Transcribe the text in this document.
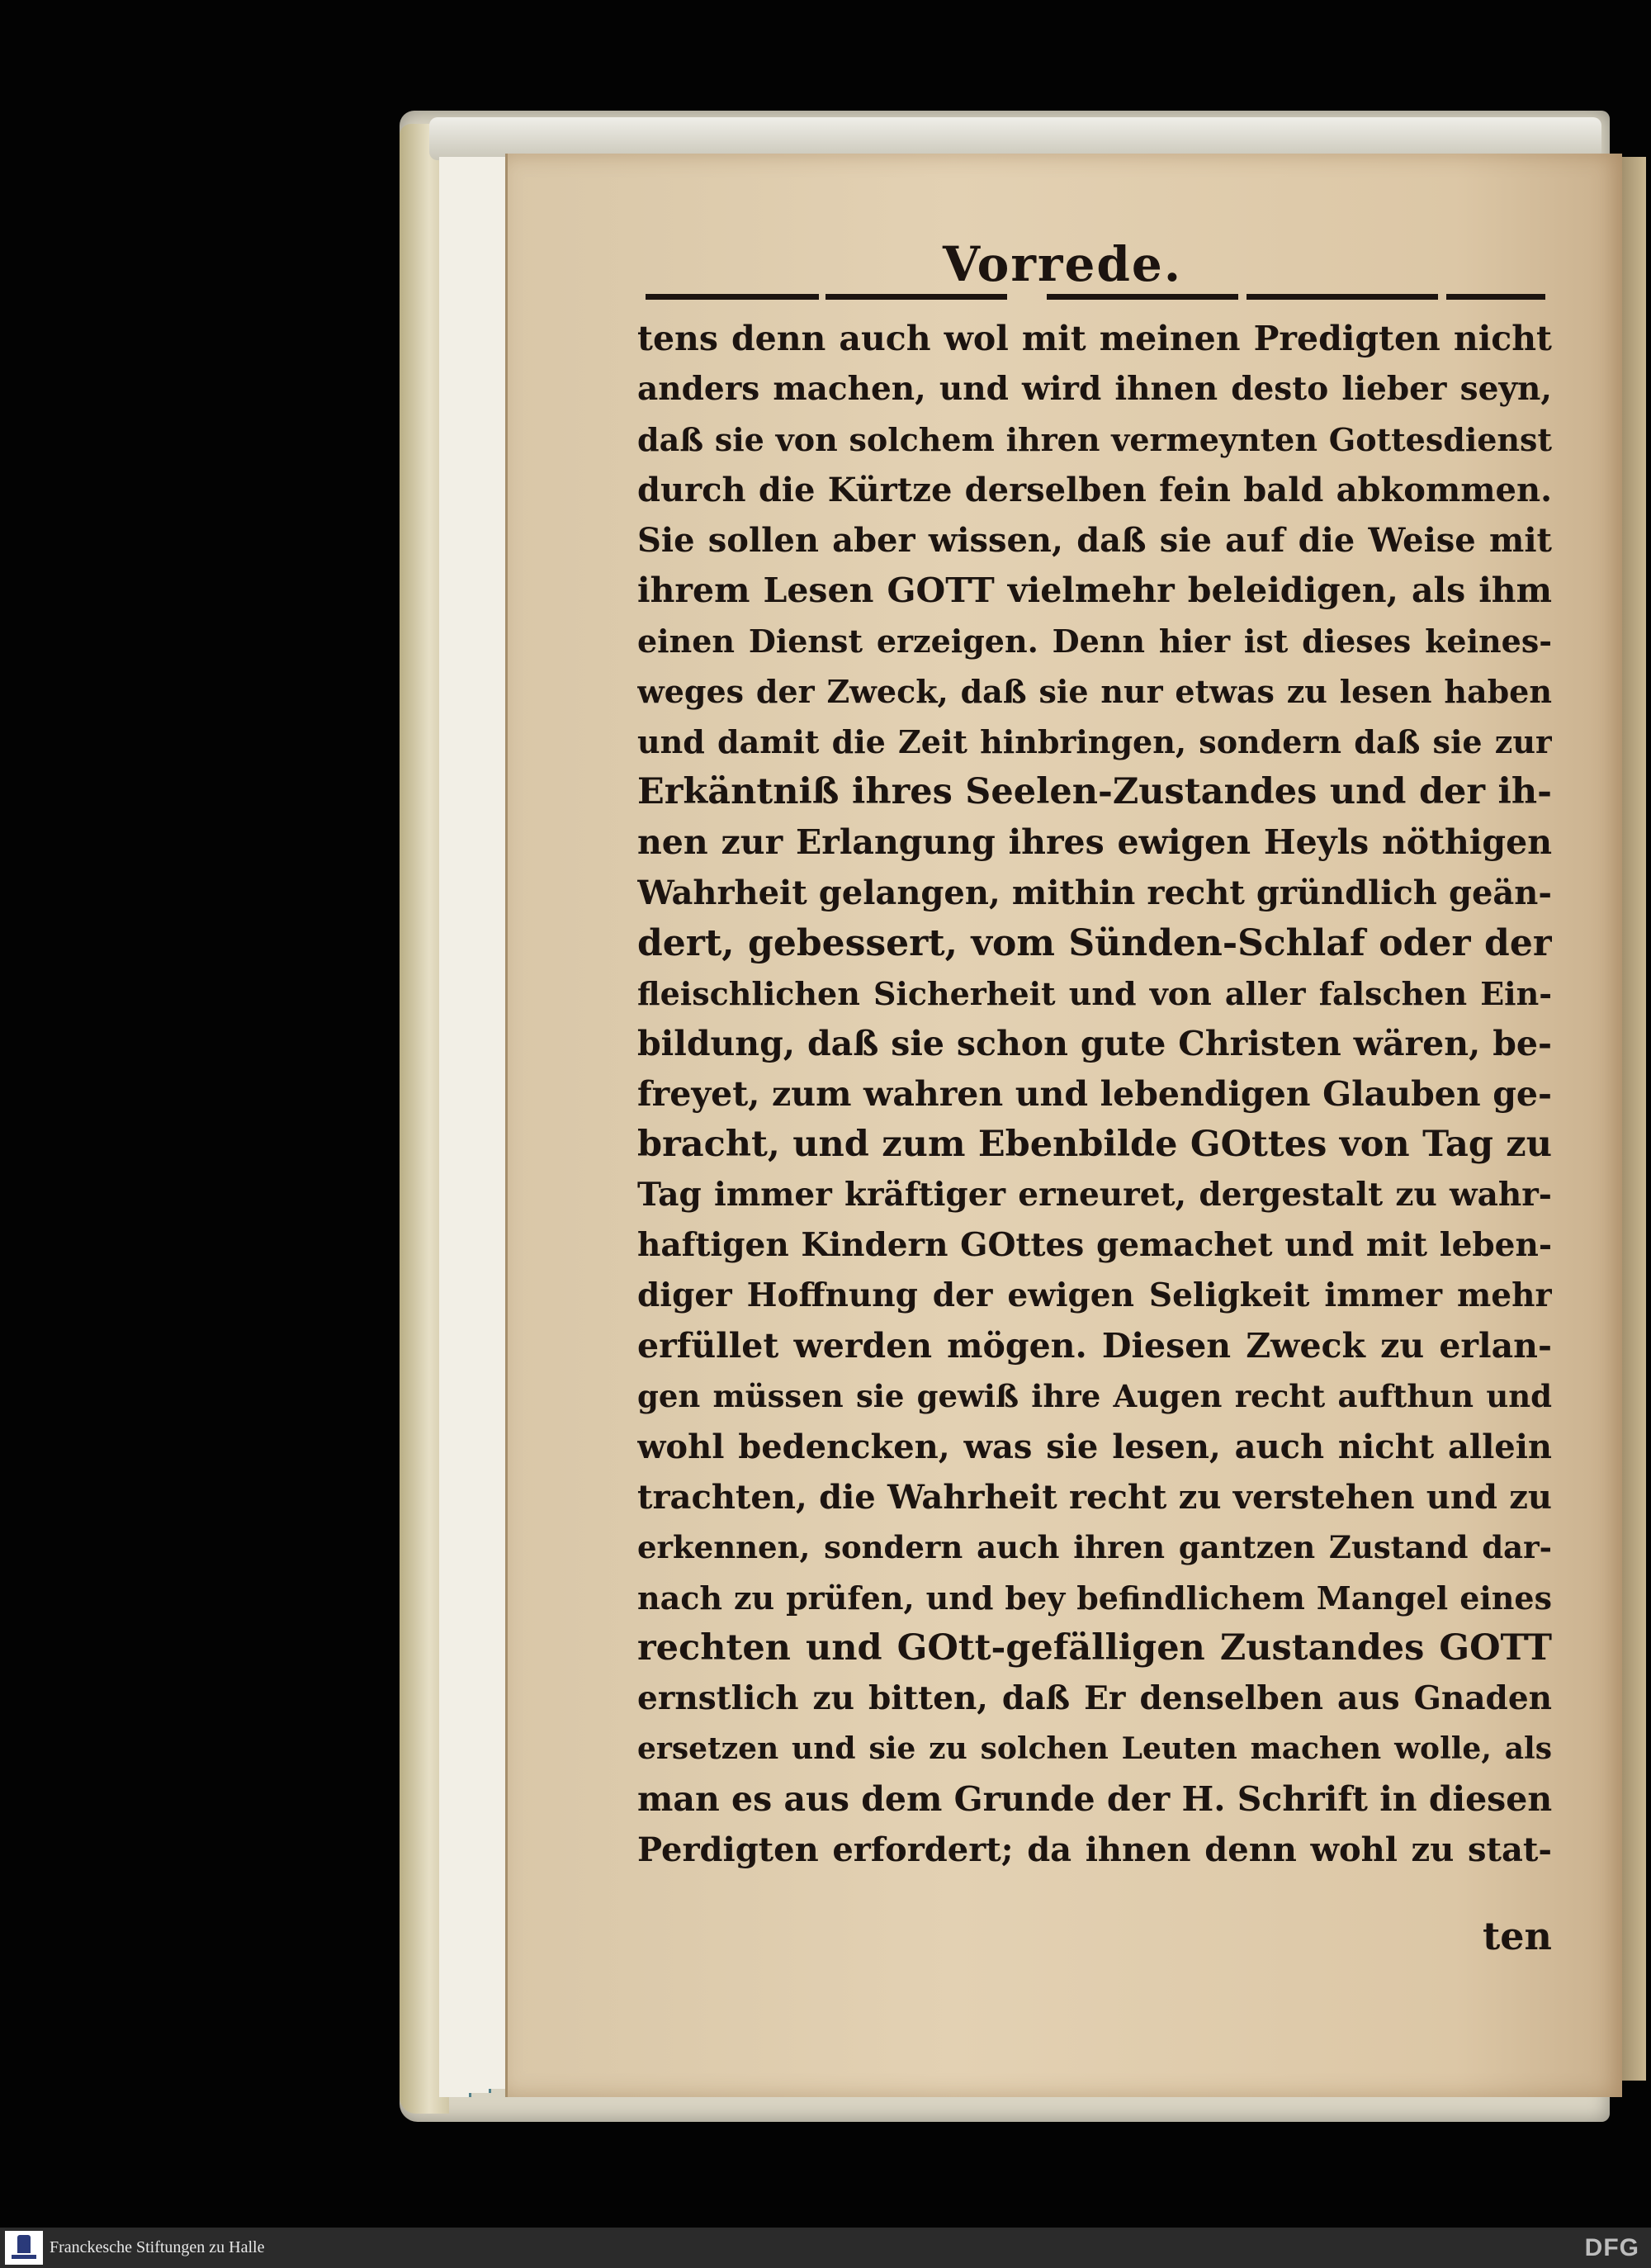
Vorrede.
tens denn auch wol mit meinen Predigten nicht
anders machen, und wird ihnen desto lieber seyn,
daß sie von solchem ihren vermeynten Gottesdienst
durch die Kürtze derselben fein bald abkommen.
Sie sollen aber wissen, daß sie auf die Weise mit
ihrem Lesen GOTT vielmehr beleidigen, als ihm
einen Dienst erzeigen. Denn hier ist dieses keines-
weges der Zweck, daß sie nur etwas zu lesen haben
und damit die Zeit hinbringen, sondern daß sie zur
Erkäntniß ihres Seelen-Zustandes und der ih-
nen zur Erlangung ihres ewigen Heyls nöthigen
Wahrheit gelangen, mithin recht gründlich geän-
dert, gebessert, vom Sünden-Schlaf oder der
fleischlichen Sicherheit und von aller falschen Ein-
bildung, daß sie schon gute Christen wären, be-
freyet, zum wahren und lebendigen Glauben ge-
bracht, und zum Ebenbilde GOttes von Tag zu
Tag immer kräftiger erneuret, dergestalt zu wahr-
haftigen Kindern GOttes gemachet und mit leben-
diger Hoffnung der ewigen Seligkeit immer mehr
erfüllet werden mögen. Diesen Zweck zu erlan-
gen müssen sie gewiß ihre Augen recht aufthun und
wohl bedencken, was sie lesen, auch nicht allein
trachten, die Wahrheit recht zu verstehen und zu
erkennen, sondern auch ihren gantzen Zustand dar-
nach zu prüfen, und bey befindlichem Mangel eines
rechten und GOtt-gefälligen Zustandes GOTT
ernstlich zu bitten, daß Er denselben aus Gnaden
ersetzen und sie zu solchen Leuten machen wolle, als
man es aus dem Grunde der H. Schrift in diesen
Perdigten erfordert; da ihnen denn wohl zu stat-
ten
Franckesche Stiftungen zu Halle	DFG
